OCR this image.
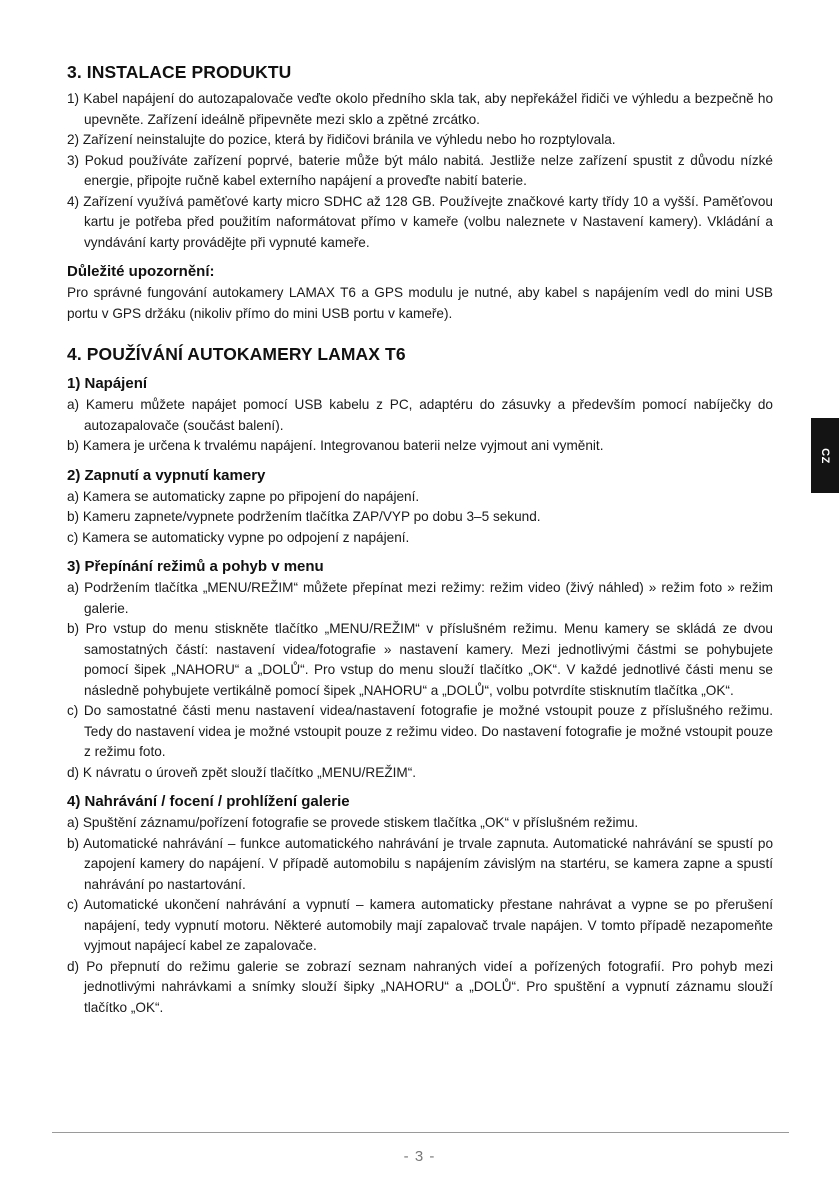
3. INSTALACE PRODUKTU
1) Kabel napájení do autozapalovače veďte okolo předního skla tak, aby nepřekážel řidiči ve výhledu a bezpečně ho upevněte. Zařízení ideálně připevněte mezi sklo a zpětné zrcátko.
2) Zařízení neinstalujte do pozice, která by řidičovi bránila ve výhledu nebo ho rozptylovala.
3) Pokud používáte zařízení poprvé, baterie může být málo nabitá. Jestliže nelze zařízení spustit z důvodu nízké energie, připojte ručně kabel externího napájení a proveďte nabití baterie.
4) Zařízení využívá paměťové karty micro SDHC až 128 GB. Používejte značkové karty třídy 10 a vyšší. Paměťovou kartu je potřeba před použitím naformátovat přímo v kameře (volbu naleznete v Nastavení kamery). Vkládání a vyndávání karty provádějte při vypnuté kameře.
Důležité upozornění:

Pro správné fungování autokamery LAMAX T6 a GPS modulu je nutné, aby kabel s napájením vedl do mini USB portu v GPS držáku (nikoliv přímo do mini USB portu v kameře).

4. POUŽÍVÁNÍ AUTOKAMERY LAMAX T6
1) Napájení
a) Kameru můžete napájet pomocí USB kabelu z PC, adaptéru do zásuvky a především pomocí nabíječky do autozapalovače (součást balení).
b) Kamera je určena k trvalému napájení. Integrovanou baterii nelze vyjmout ani vyměnit.
2) Zapnutí a vypnutí kamery
a) Kamera se automaticky zapne po připojení do napájení.
b) Kameru zapnete/vypnete podržením tlačítka ZAP/VYP po dobu 3–5 sekund.
c) Kamera se automaticky vypne po odpojení z napájení.
3) Přepínání režimů a pohyb v menu
a) Podržením tlačítka „MENU/REŽIM“ můžete přepínat mezi režimy: režim video (živý náhled) » režim foto » režim galerie.
b) Pro vstup do menu stiskněte tlačítko „MENU/REŽIM“ v příslušném režimu. Menu kamery se skládá ze dvou samostatných částí: nastavení videa/fotografie » nastavení kamery. Mezi jednotlivými částmi se pohybujete pomocí šipek „NAHORU“ a „DOLŮ“. Pro vstup do menu slouží tlačítko „OK“. V každé jednotlivé části menu se následně pohybujete vertikálně pomocí šipek „NAHORU“ a „DOLŮ“, volbu potvrdíte stisknutím tlačítka „OK“.
c) Do samostatné části menu nastavení videa/nastavení fotografie je možné vstoupit pouze z příslušného režimu. Tedy do nastavení videa je možné vstoupit pouze z režimu video. Do nastavení fotografie je možné vstoupit pouze z režimu foto.
d) K návratu o úroveň zpět slouží tlačítko „MENU/REŽIM“.
4) Nahrávání / focení / prohlížení galerie
a) Spuštění záznamu/pořízení fotografie se provede stiskem tlačítka „OK“ v příslušném režimu.
b) Automatické nahrávání – funkce automatického nahrávání je trvale zapnuta. Automatické nahrávání se spustí po zapojení kamery do napájení. V případě automobilu s napájením závislým na startéru, se kamera zapne a spustí nahrávání po nastartování.
c) Automatické ukončení nahrávání a vypnutí – kamera automaticky přestane nahrávat a vypne se po přerušení napájení, tedy vypnutí motoru. Některé automobily mají zapalovač trvale napájen. V tomto případě nezapomeňte vyjmout napájecí kabel ze zapalovače.
d) Po přepnutí do režimu galerie se zobrazí seznam nahraných videí a pořízených fotografií. Pro pohyb mezi jednotlivými nahrávkami a snímky slouží šipky „NAHORU“ a „DOLŮ“. Pro spuštění a vypnutí záznamu slouží tlačítko „OK“.
CZ
- 3 -
